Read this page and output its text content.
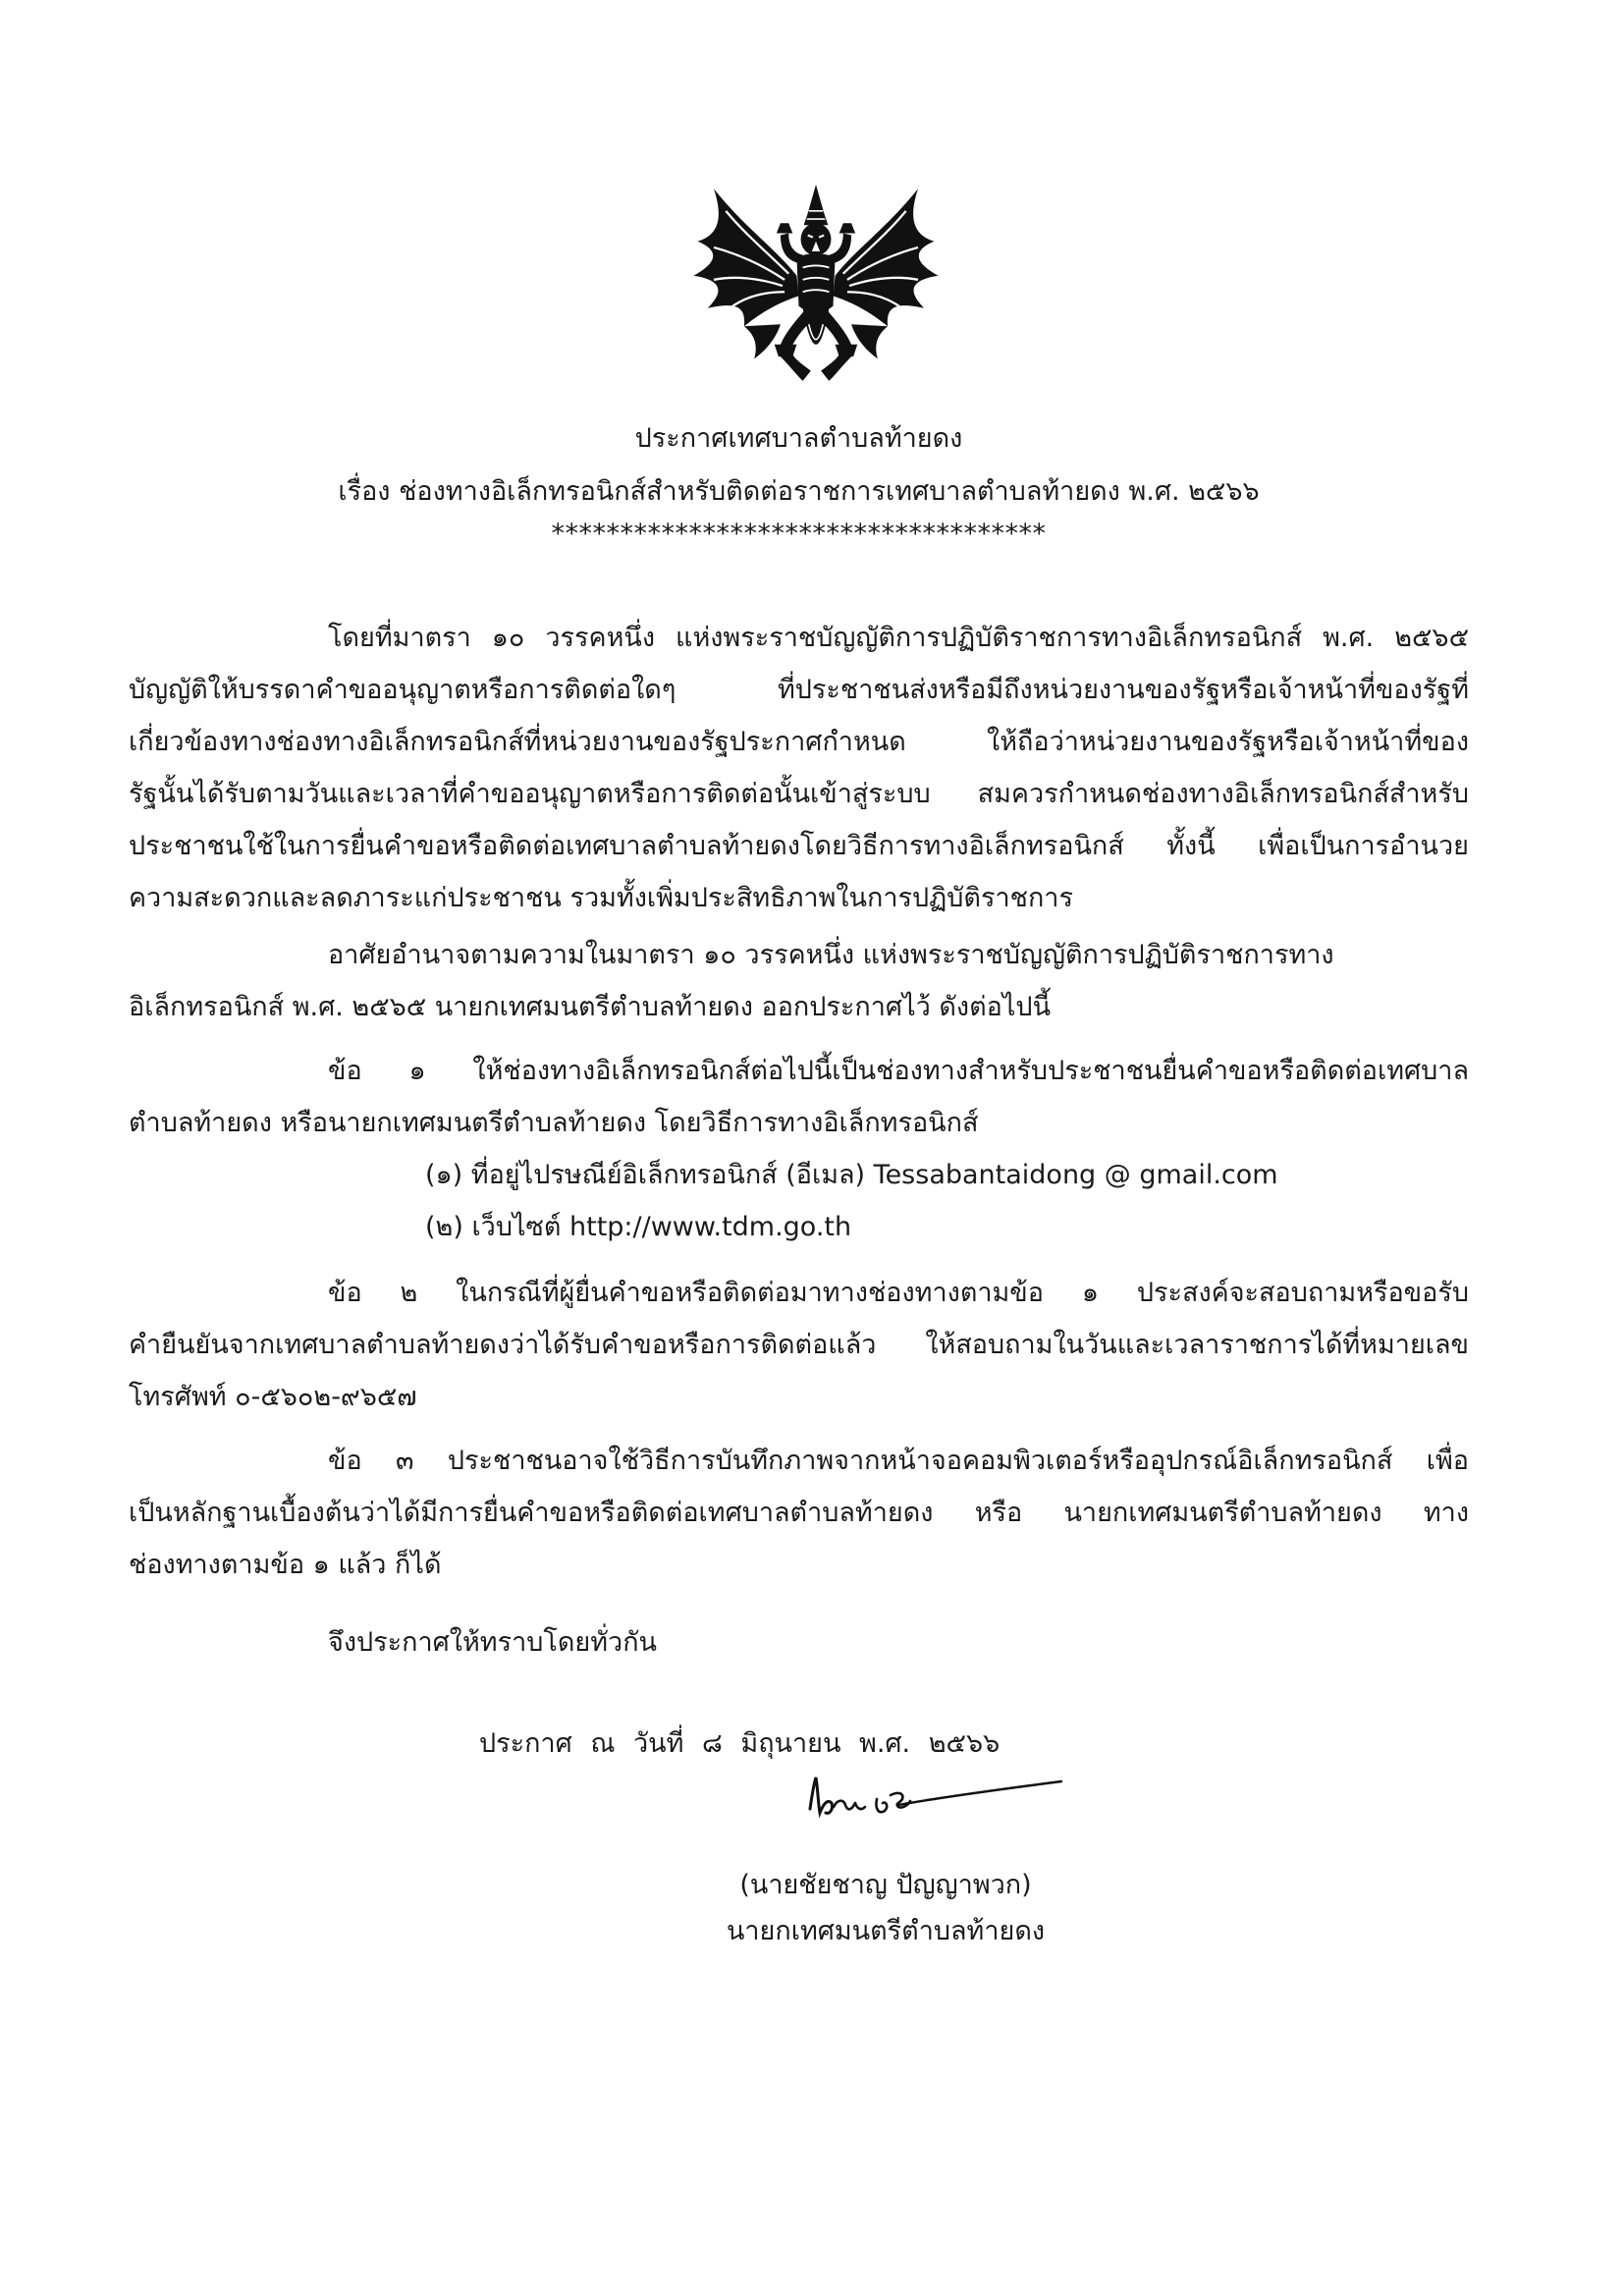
ประกาศเทศบาลตำบลท้ายดง
เรื่อง ช่องทางอิเล็กทรอนิกส์สำหรับติดต่อราชการเทศบาลตำบลท้ายดง พ.ศ. ๒๕๖๖
************************************
โดยที่มาตรา ๑๐ วรรคหนึ่ง แห่งพระราชบัญญัติการปฏิบัติราชการทางอิเล็กทรอนิกส์ พ.ศ. ๒๕๖๕
บัญญัติให้บรรดาคำขออนุญาตหรือการติดต่อใดๆ ที่ประชาชนส่งหรือมีถึงหน่วยงานของรัฐหรือเจ้าหน้าที่ของรัฐที่
เกี่ยวข้องทางช่องทางอิเล็กทรอนิกส์ที่หน่วยงานของรัฐประกาศกำหนด ให้ถือว่าหน่วยงานของรัฐหรือเจ้าหน้าที่ของ
รัฐนั้นได้รับตามวันและเวลาที่คำขออนุญาตหรือการติดต่อนั้นเข้าสู่ระบบ สมควรกำหนดช่องทางอิเล็กทรอนิกส์สำหรับ
ประชาชนใช้ในการยื่นคำขอหรือติดต่อเทศบาลตำบลท้ายดงโดยวิธีการทางอิเล็กทรอนิกส์ ทั้งนี้ เพื่อเป็นการอำนวย
ความสะดวกและลดภาระแก่ประชาชน รวมทั้งเพิ่มประสิทธิภาพในการปฏิบัติราชการ
อาศัยอำนาจตามความในมาตรา ๑๐ วรรคหนึ่ง แห่งพระราชบัญญัติการปฏิบัติราชการทาง
อิเล็กทรอนิกส์ พ.ศ. ๒๕๖๕ นายกเทศมนตรีตำบลท้ายดง ออกประกาศไว้ ดังต่อไปนี้
ข้อ ๑ ให้ช่องทางอิเล็กทรอนิกส์ต่อไปนี้เป็นช่องทางสำหรับประชาชนยื่นคำขอหรือติดต่อเทศบาล
ตำบลท้ายดง หรือนายกเทศมนตรีตำบลท้ายดง โดยวิธีการทางอิเล็กทรอนิกส์
(๑) ที่อยู่ไปรษณีย์อิเล็กทรอนิกส์ (อีเมล) Tessabantaidong @ gmail.com
(๒) เว็บไซต์ http://www.tdm.go.th
ข้อ ๒ ในกรณีที่ผู้ยื่นคำขอหรือติดต่อมาทางช่องทางตามข้อ ๑ ประสงค์จะสอบถามหรือขอรับ
คำยืนยันจากเทศบาลตำบลท้ายดงว่าได้รับคำขอหรือการติดต่อแล้ว ให้สอบถามในวันและเวลาราชการได้ที่หมายเลข
โทรศัพท์ ๐-๕๖๐๒-๙๖๕๗
ข้อ ๓ ประชาชนอาจใช้วิธีการบันทึกภาพจากหน้าจอคอมพิวเตอร์หรืออุปกรณ์อิเล็กทรอนิกส์ เพื่อ
เป็นหลักฐานเบื้องต้นว่าได้มีการยื่นคำขอหรือติดต่อเทศบาลตำบลท้ายดง หรือ นายกเทศมนตรีตำบลท้ายดง ทาง
ช่องทางตามข้อ ๑ แล้ว ก็ได้
จึงประกาศให้ทราบโดยทั่วกัน
ประกาศ ณ วันที่ ๘ มิถุนายน พ.ศ. ๒๕๖๖
(นายชัยชาญ ปัญญาพวก)
นายกเทศมนตรีตำบลท้ายดง
